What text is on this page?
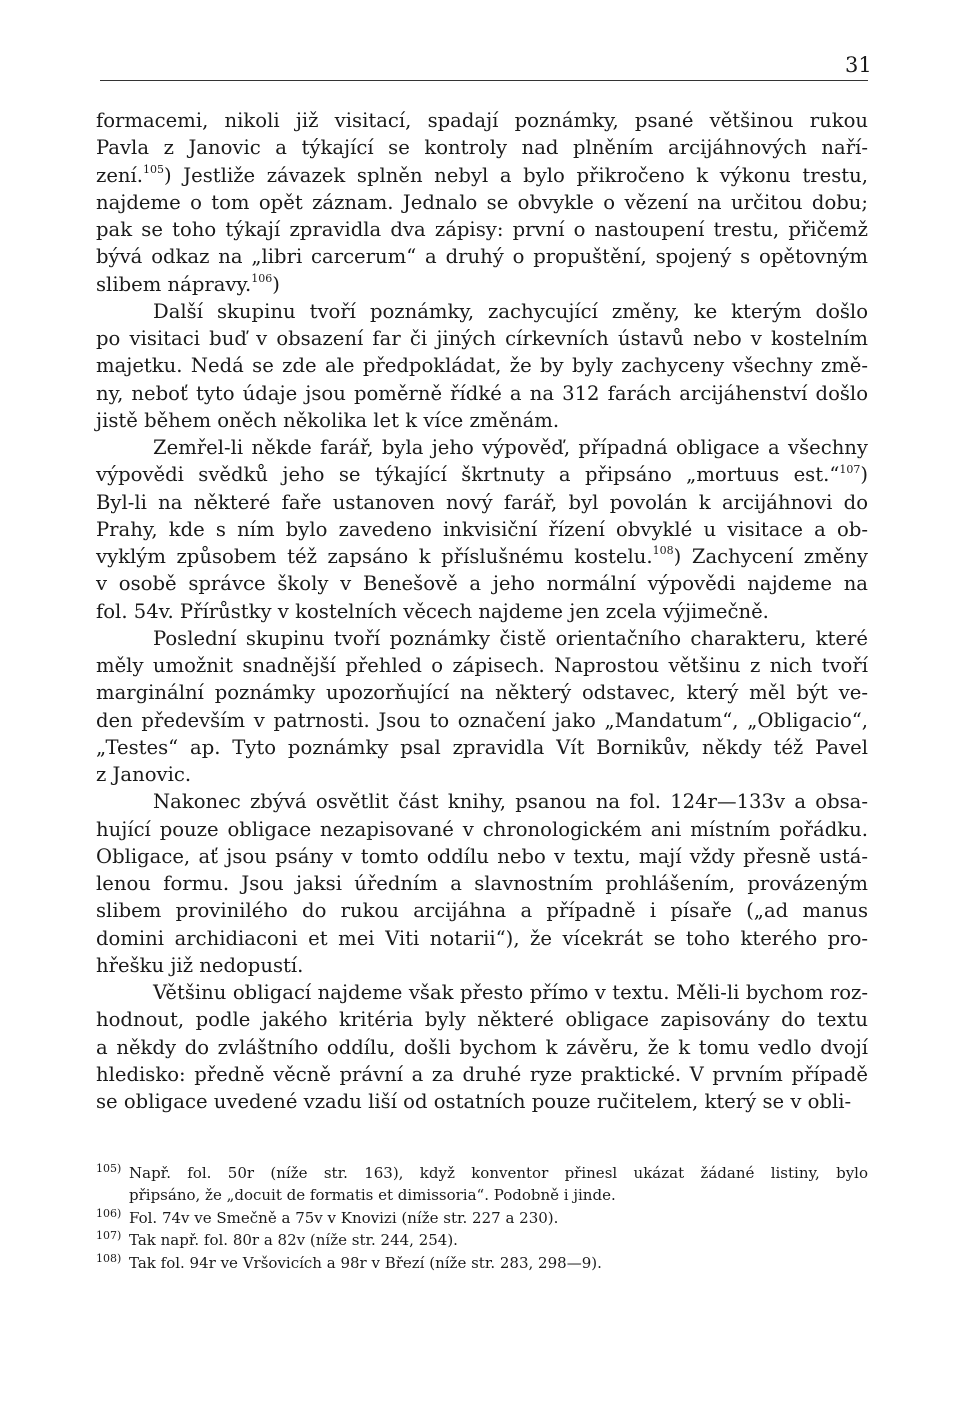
31
formacemi, nikoli již visitací, spadají poznámky, psané většinou rukou
Pavla z Janovic a týkající se kontroly nad plněním arcijáhnových naří-
zení.$^{105}$) Jestliže závazek splněn nebyl a bylo přikročeno k výkonu trestu,
najdeme o tom opět záznam. Jednalo se obvykle o vězení na určitou dobu;
pak se toho týkají zpravidla dva zápisy: první o nastoupení trestu, přičemž
bývá odkaz na „libri carcerum“ a druhý o propuštění, spojený s opětovným
slibem nápravy.$^{106}$)
Další skupinu tvoří poznámky, zachycující změny, ke kterým došlo
po visitaci buď v obsazení far či jiných církevních ústavů nebo v kostelním
majetku. Nedá se zde ale předpokládat, že by byly zachyceny všechny změ-
ny, neboť tyto údaje jsou poměrně řídké a na 312 farách arcijáhenství došlo
jistě během oněch několika let k více změnám.
Zemřel-li někde farář, byla jeho výpověď, případná obligace a všechny
výpovědi svědků jeho se týkající škrtnuty a připsáno „mortuus est.“$^{107}$)
Byl-li na některé faře ustanoven nový farář, byl povolán k arcijáhnovi do
Prahy, kde s ním bylo zavedeno inkvisiční řízení obvyklé u visitace a ob-
vyklým způsobem též zapsáno k příslušnému kostelu.$^{108}$) Zachycení změny
v osobě správce školy v Benešově a jeho normální výpovědi najdeme na
fol. 54v. Přírůstky v kostelních věcech najdeme jen zcela výjimečně.
Poslední skupinu tvoří poznámky čistě orientačního charakteru, které
měly umožnit snadnější přehled o zápisech. Naprostou většinu z nich tvoří
marginální poznámky upozorňující na některý odstavec, který měl být ve-
den především v patrnosti. Jsou to označení jako „Mandatum“, „Obligacio“,
„Testes“ ap. Tyto poznámky psal zpravidla Vít Bornikův, někdy též Pavel
z Janovic.
Nakonec zbývá osvětlit část knihy, psanou na fol. 124r—133v a obsa-
hující pouze obligace nezapisované v chronologickém ani místním pořádku.
Obligace, ať jsou psány v tomto oddílu nebo v textu, mají vždy přesně ustá-
lenou formu. Jsou jaksi úředním a slavnostním prohlášením, provázeným
slibem provinilého do rukou arcijáhna a případně i písaře („ad manus
domini archidiaconi et mei Viti notarii“), že vícekrát se toho kterého pro-
hřešku již nedopustí.
Většinu obligací najdeme však přesto přímo v textu. Měli-li bychom roz-
hodnout, podle jakého kritéria byly některé obligace zapisovány do textu
a někdy do zvláštního oddílu, došli bychom k závěru, že k tomu vedlo dvojí
hledisko: předně věcně právní a za druhé ryze praktické. V prvním případě
se obligace uvedené vzadu liší od ostatních pouze ručitelem, který se v obli-
105) Např. fol. 50r (níže str. 163), když konventor přinesl ukázat žádané listiny, bylo
připsáno, že „docuit de formatis et dimissoria“. Podobně i jinde.
106) Fol. 74v ve Smečně a 75v v Knovizi (níže str. 227 a 230).
107) Tak např. fol. 80r a 82v (níže str. 244, 254).
108) Tak fol. 94r ve Vršovicích a 98r v Březí (níže str. 283, 298—9).
